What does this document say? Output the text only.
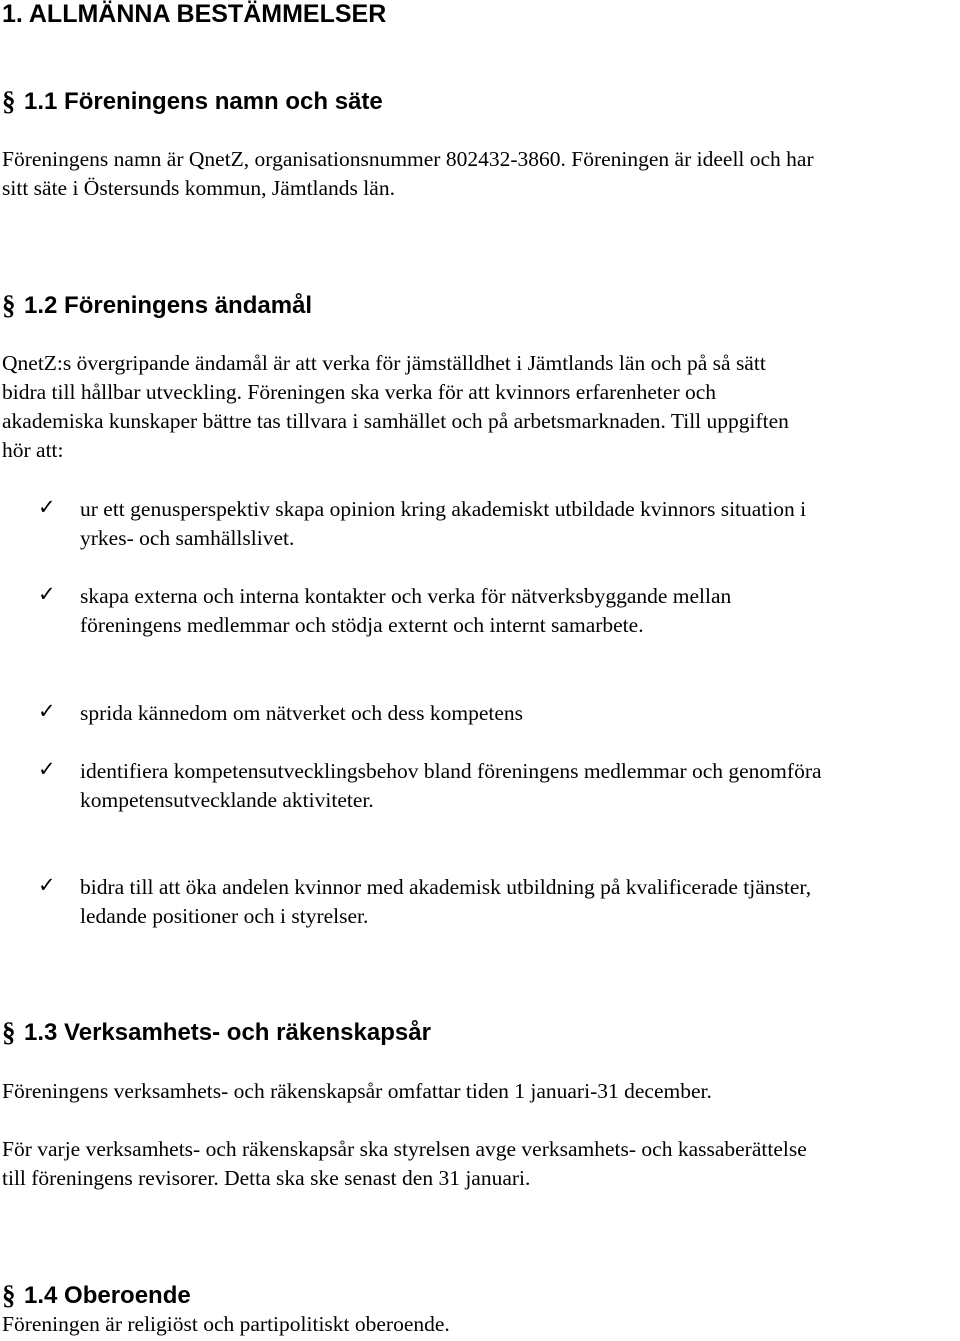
1. ALLMÄNNA BESTÄMMELSER
§ 1.1 Föreningens namn och säte
Föreningens namn är QnetZ, organisationsnummer 802432-3860. Föreningen är ideell och har
sitt säte i Östersunds kommun, Jämtlands län.
§ 1.2 Föreningens ändamål
QnetZ:s övergripande ändamål är att verka för jämställdhet i Jämtlands län och på så sätt
bidra till hållbar utveckling. Föreningen ska verka för att kvinnors erfarenheter och
akademiska kunskaper bättre tas tillvara i samhället och på arbetsmarknaden. Till uppgiften
hör att:
✓ ur ett genusperspektiv skapa opinion kring akademiskt utbildade kvinnors situation i
yrkes- och samhällslivet.
✓ skapa externa och interna kontakter och verka för nätverksbyggande mellan
föreningens medlemmar och stödja externt och internt samarbete.
✓ sprida kännedom om nätverket och dess kompetens
✓ identifiera kompetensutvecklingsbehov bland föreningens medlemmar och genomföra
kompetensutvecklande aktiviteter.
✓ bidra till att öka andelen kvinnor med akademisk utbildning på kvalificerade tjänster,
ledande positioner och i styrelser.
§ 1.3 Verksamhets- och räkenskapsår
Föreningens verksamhets- och räkenskapsår omfattar tiden 1 januari-31 december.
För varje verksamhets- och räkenskapsår ska styrelsen avge verksamhets- och kassaberättelse
till föreningens revisorer. Detta ska ske senast den 31 januari.
§ 1.4 Oberoende
Föreningen är religiöst och partipolitiskt oberoende.
